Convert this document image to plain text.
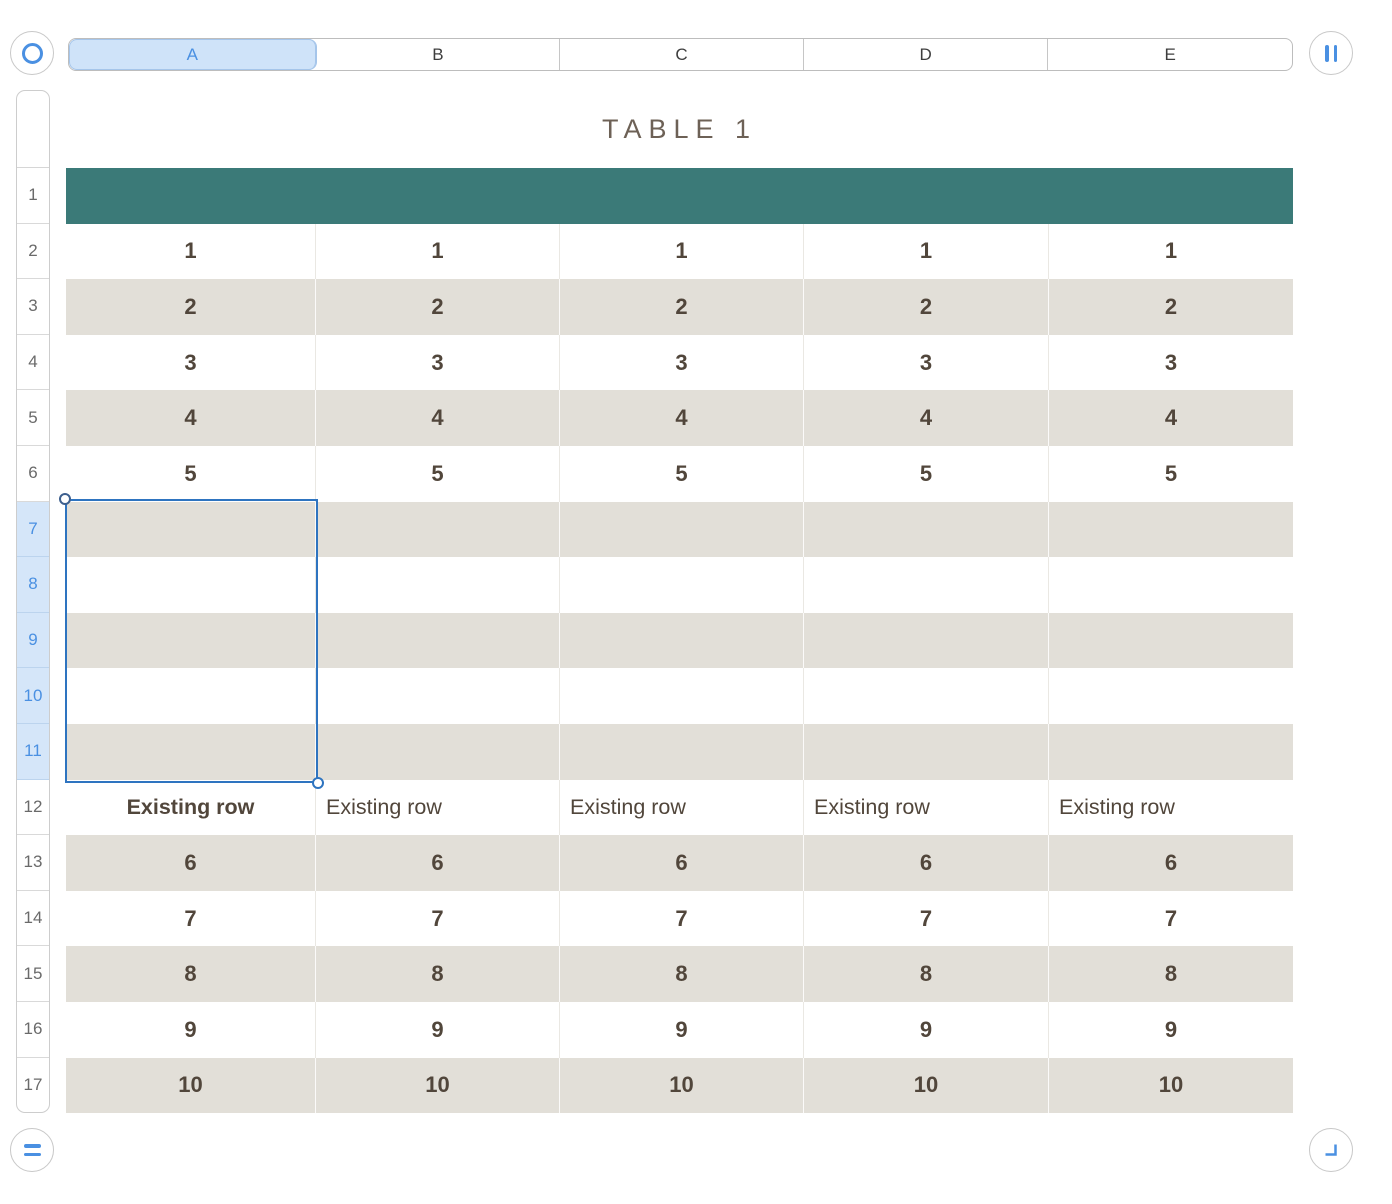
A	B	C	D	E
1
2
3
4
5
6
7
8
9
10
11
12
13
14
15
16
17
TABLE 1
1	1	1	1	1
2	2	2	2	2
3	3	3	3	3
4	4	4	4	4
5	5	5	5	5
Existing row	Existing row	Existing row	Existing row	Existing row
6	6	6	6	6
7	7	7	7	7
8	8	8	8	8
9	9	9	9	9
10	10	10	10	10
